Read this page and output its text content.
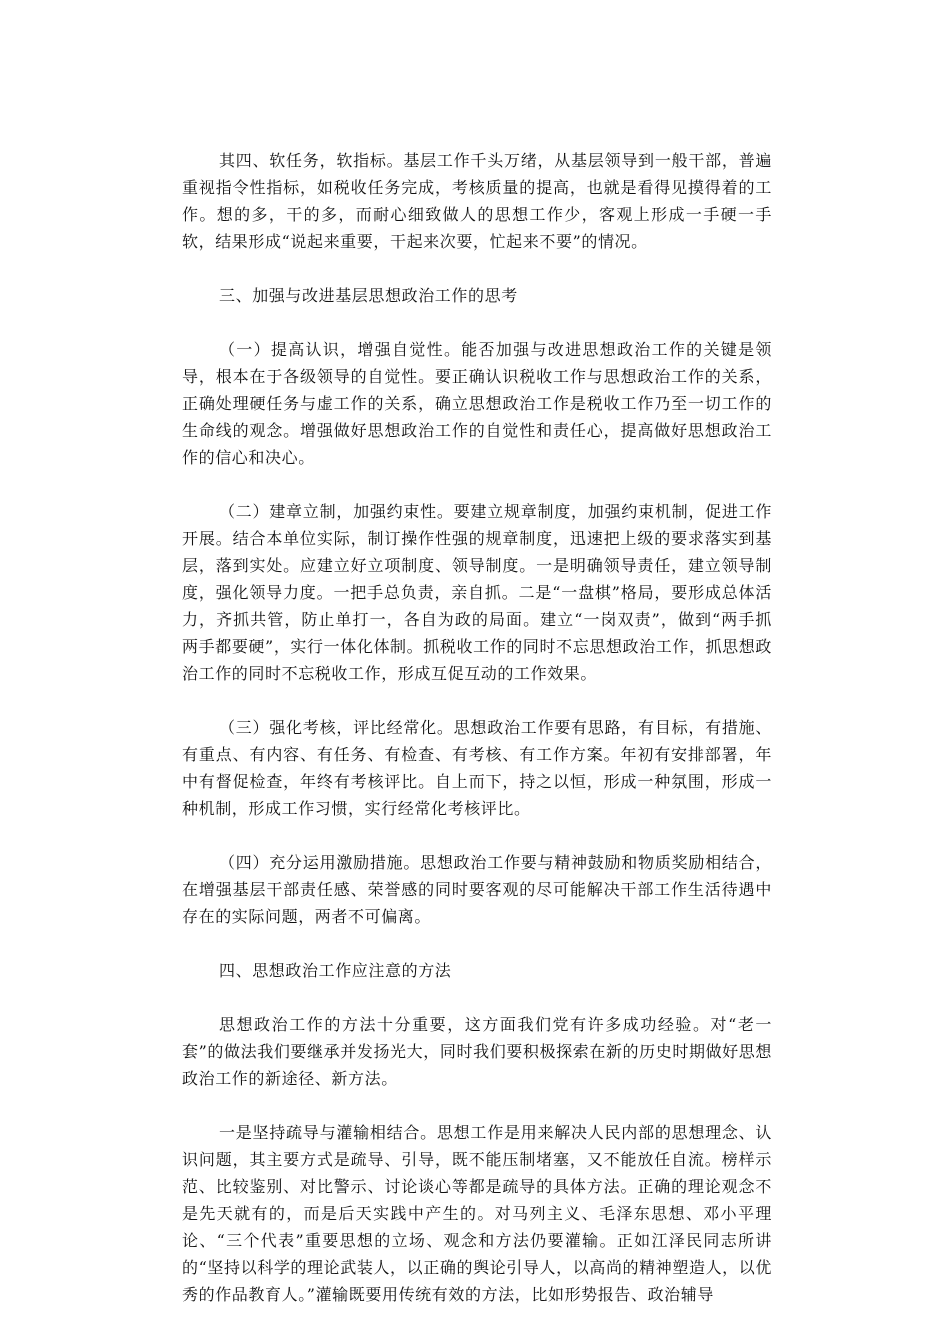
其四、软任务，软指标。基层工作千头万绪，从基层领导到一般干部，普遍重视指令性指标，如税收任务完成，考核质量的提高，也就是看得见摸得着的工作。想的多，干的多，而耐心细致做人的思想工作少，客观上形成一手硬一手软，结果形成“说起来重要，干起来次要，忙起来不要”的情况。

三、加强与改进基层思想政治工作的思考

（一）提高认识，增强自觉性。能否加强与改进思想政治工作的关键是领导，根本在于各级领导的自觉性。要正确认识税收工作与思想政治工作的关系，正确处理硬任务与虚工作的关系，确立思想政治工作是税收工作乃至一切工作的生命线的观念。增强做好思想政治工作的自觉性和责任心，提高做好思想政治工作的信心和决心。

（二）建章立制，加强约束性。要建立规章制度，加强约束机制，促进工作开展。结合本单位实际，制订操作性强的规章制度，迅速把上级的要求落实到基层，落到实处。应建立好立项制度、领导制度。一是明确领导责任，建立领导制度，强化领导力度。一把手总负责，亲自抓。二是“一盘棋”格局，要形成总体活力，齐抓共管，防止单打一，各自为政的局面。建立“一岗双责”，做到“两手抓两手都要硬”，实行一体化体制。抓税收工作的同时不忘思想政治工作，抓思想政治工作的同时不忘税收工作，形成互促互动的工作效果。

（三）强化考核，评比经常化。思想政治工作要有思路，有目标，有措施、有重点、有内容、有任务、有检查、有考核、有工作方案。年初有安排部署，年中有督促检查，年终有考核评比。自上而下，持之以恒，形成一种氛围，形成一种机制，形成工作习惯，实行经常化考核评比。

（四）充分运用激励措施。思想政治工作要与精神鼓励和物质奖励相结合，在增强基层干部责任感、荣誉感的同时要客观的尽可能解决干部工作生活待遇中存在的实际问题，两者不可偏离。

四、思想政治工作应注意的方法

思想政治工作的方法十分重要，这方面我们党有许多成功经验。对“老一套”的做法我们要继承并发扬光大，同时我们要积极探索在新的历史时期做好思想政治工作的新途径、新方法。

一是坚持疏导与灌输相结合。思想工作是用来解决人民内部的思想理念、认识问题，其主要方式是疏导、引导，既不能压制堵塞，又不能放任自流。榜样示范、比较鉴别、对比警示、讨论谈心等都是疏导的具体方法。正确的理论观念不是先天就有的，而是后天实践中产生的。对马列主义、毛泽东思想、邓小平理论、“三个代表”重要思想的立场、观念和方法仍要灌输。正如江泽民同志所讲的“坚持以科学的理论武装人，以正确的舆论引导人，以高尚的精神塑造人，以优秀的作品教育人。”灌输既要用传统有效的方法，比如形势报告、政治辅导
